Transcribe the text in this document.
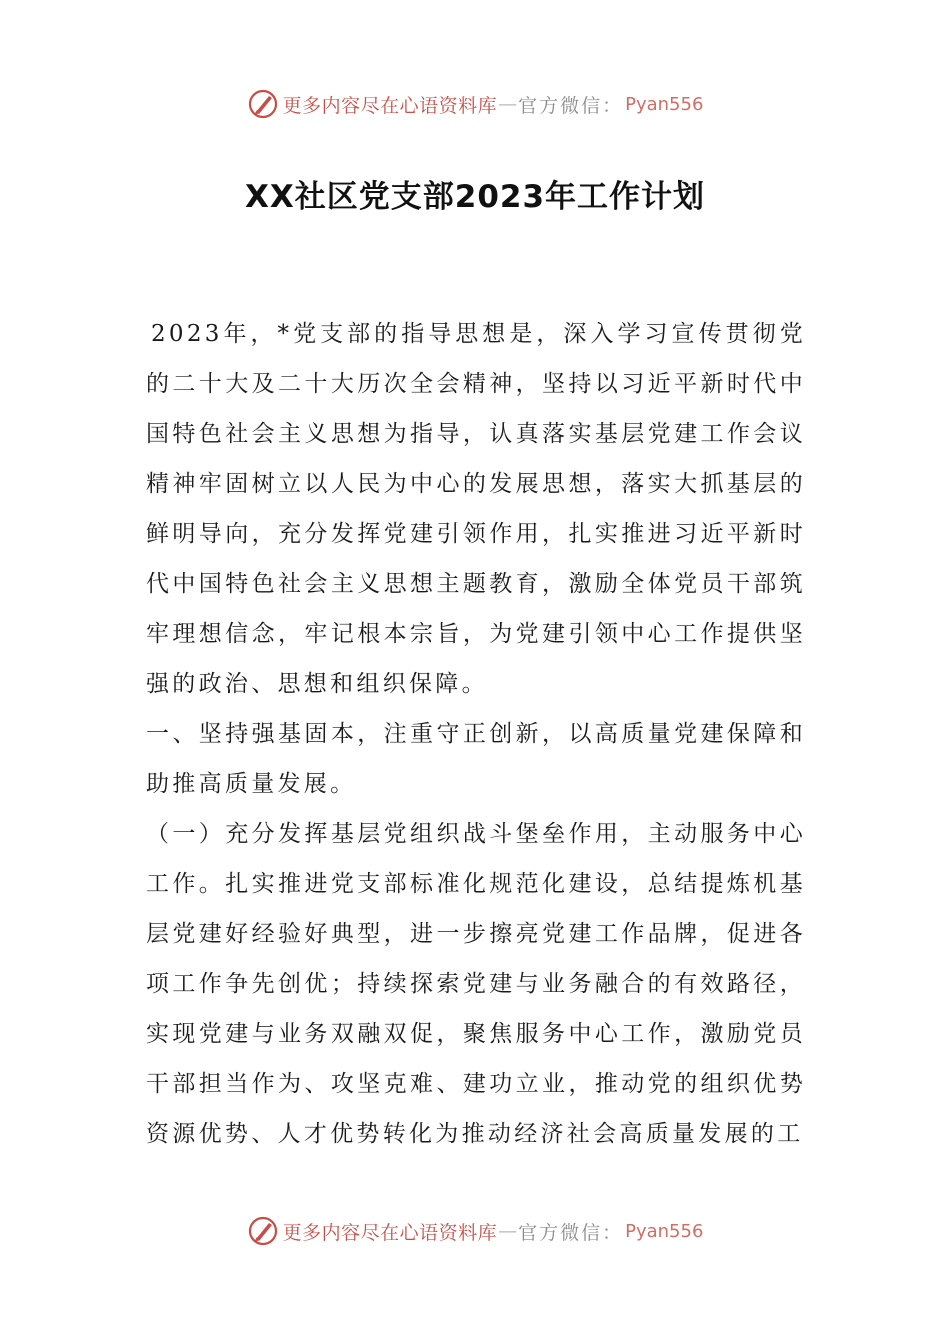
更多内容尽在心语资料库 — 官方微信： Pyan556
XX社区党支部2023年工作计划

2023年，*党支部的指导思想是，深入学习宣传贯彻党的二十大及二十大历次全会精神，坚持以习近平新时代中国特色社会主义思想为指导，认真落实基层党建工作会议精神牢固树立以人民为中心的发展思想，落实大抓基层的鲜明导向，充分发挥党建引领作用，扎实推进习近平新时代中国特色社会主义思想主题教育，激励全体党员干部筑牢理想信念，牢记根本宗旨，为党建引领中心工作提供坚强的政治、思想和组织保障。

一、坚持强基固本，注重守正创新，以高质量党建保障和助推高质量发展。

（一）充分发挥基层党组织战斗堡垒作用，主动服务中心工作。扎实推进党支部标准化规范化建设，总结提炼机基层党建好经验好典型，进一步擦亮党建工作品牌，促进各项工作争先创优；持续探索党建与业务融合的有效路径，实现党建与业务双融双促，聚焦服务中心工作，激励党员干部担当作为、攻坚克难、建功立业，推动党的组织优势资源优势、人才优势转化为推动经济社会高质量发展的工

更多内容尽在心语资料库 — 官方微信： Pyan556
